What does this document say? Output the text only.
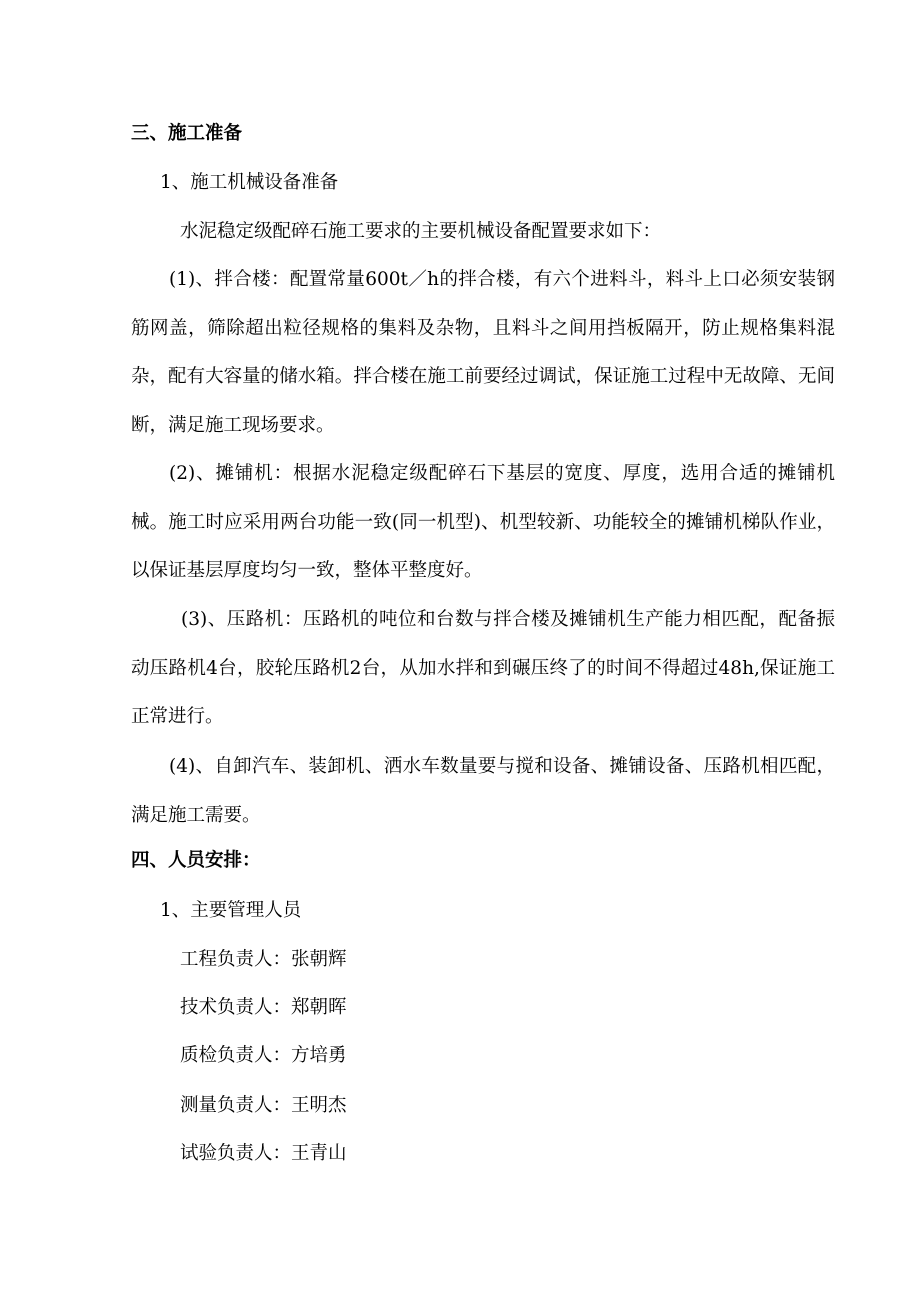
三、施工准备
1、施工机械设备准备
水泥稳定级配碎石施工要求的主要机械设备配置要求如下：
(1)、拌合楼：配置常量600t／h的拌合楼，有六个进料斗，料斗上口必须安装钢筋网盖，筛除超出粒径规格的集料及杂物，且料斗之间用挡板隔开，防止规格集料混杂，配有大容量的储水箱。拌合楼在施工前要经过调试，保证施工过程中无故障、无间断，满足施工现场要求。
(2)、摊铺机：根据水泥稳定级配碎石下基层的宽度、厚度，选用合适的摊铺机械。施工时应采用两台功能一致(同一机型)、机型较新、功能较全的摊铺机梯队作业，以保证基层厚度均匀一致，整体平整度好。
(3)、压路机：压路机的吨位和台数与拌合楼及摊铺机生产能力相匹配，配备振动压路机4台，胶轮压路机2台，从加水拌和到碾压终了的时间不得超过48h,保证施工正常进行。
(4)、自卸汽车、装卸机、洒水车数量要与搅和设备、摊铺设备、压路机相匹配，满足施工需要。
四、人员安排：
1、主要管理人员
工程负责人：张朝辉
技术负责人：郑朝晖
质检负责人：方培勇
测量负责人：王明杰
试验负责人：王青山
